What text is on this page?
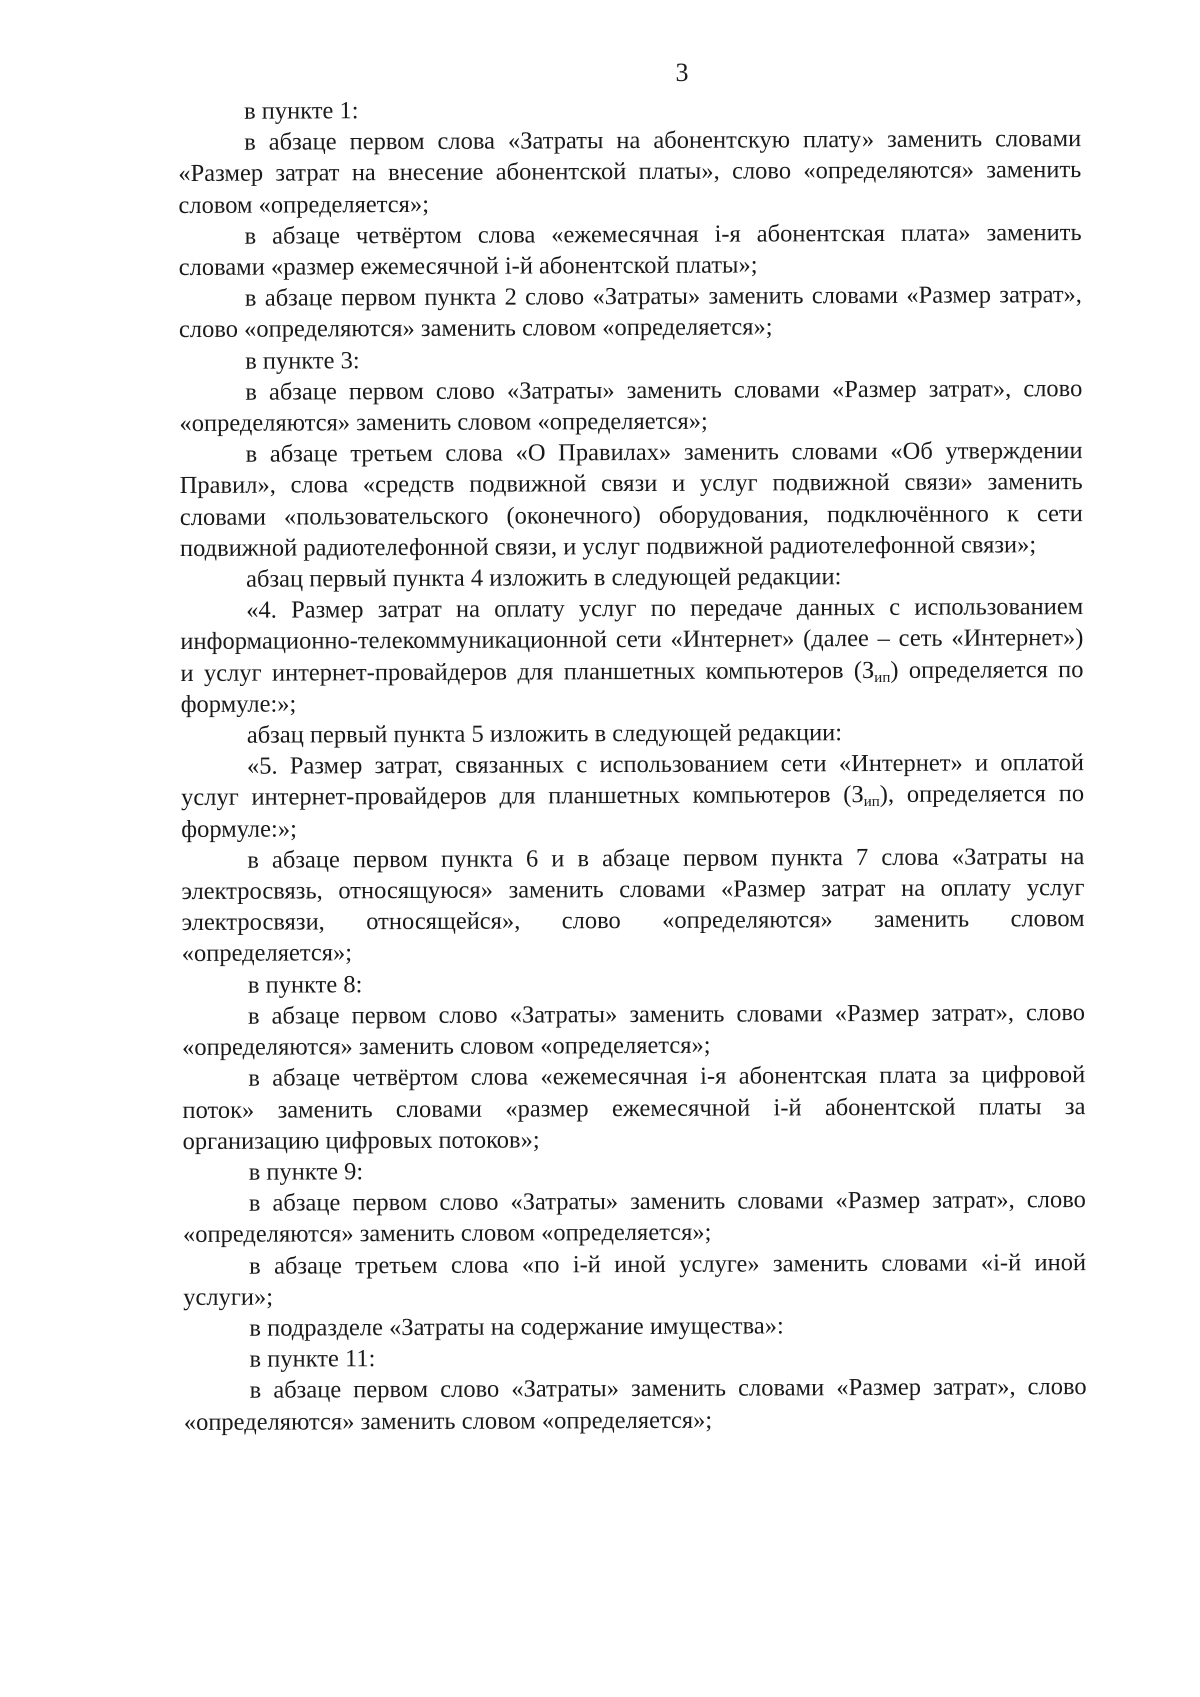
3

в пункте 1:

в абзаце первом слова «Затраты на абонентскую плату» заменить словами «Размер затрат на внесение абонентской платы», слово «определяются» заменить словом «определяется»;

в абзаце четвёртом слова «ежемесячная i-я абонентская плата» заменить словами «размер ежемесячной i-й абонентской платы»;

в абзаце первом пункта 2 слово «Затраты» заменить словами «Размер затрат», слово «определяются» заменить словом «определяется»;

в пункте 3:

в абзаце первом слово «Затраты» заменить словами «Размер затрат», слово «определяются» заменить словом «определяется»;

в абзаце третьем слова «О Правилах» заменить словами «Об утверждении Правил», слова «средств подвижной связи и услуг подвижной связи» заменить словами «пользовательского (оконечного) оборудования, подключённого к сети подвижной радиотелефонной связи, и услуг подвижной радиотелефонной связи»;

абзац первый пункта 4 изложить в следующей редакции:

«4. Размер затрат на оплату услуг по передаче данных с использованием информационно-телекоммуникационной сети «Интернет» (далее – сеть «Интернет») и услуг интернет-провайдеров для планшетных компьютеров $(З_{ип})$ определяется по формуле:»;

абзац первый пункта 5 изложить в следующей редакции:

«5. Размер затрат, связанных с использованием сети «Интернет» и оплатой услуг интернет-провайдеров для планшетных компьютеров $(З_{ип})$, определяется по формуле:»;

в абзаце первом пункта 6 и в абзаце первом пункта 7 слова «Затраты на электросвязь, относящуюся» заменить словами «Размер затрат на оплату услуг электросвязи, относящейся», слово «определяются» заменить словом «определяется»;

в пункте 8:

в абзаце первом слово «Затраты» заменить словами «Размер затрат», слово «определяются» заменить словом «определяется»;

в абзаце четвёртом слова «ежемесячная i-я абонентская плата за цифровой поток» заменить словами «размер ежемесячной i-й абонентской платы за организацию цифровых потоков»;

в пункте 9:

в абзаце первом слово «Затраты» заменить словами «Размер затрат», слово «определяются» заменить словом «определяется»;

в абзаце третьем слова «по i-й иной услуге» заменить словами «i-й иной услуги»;

в подразделе «Затраты на содержание имущества»:

в пункте 11:

в абзаце первом слово «Затраты» заменить словами «Размер затрат», слово «определяются» заменить словом «определяется»;
